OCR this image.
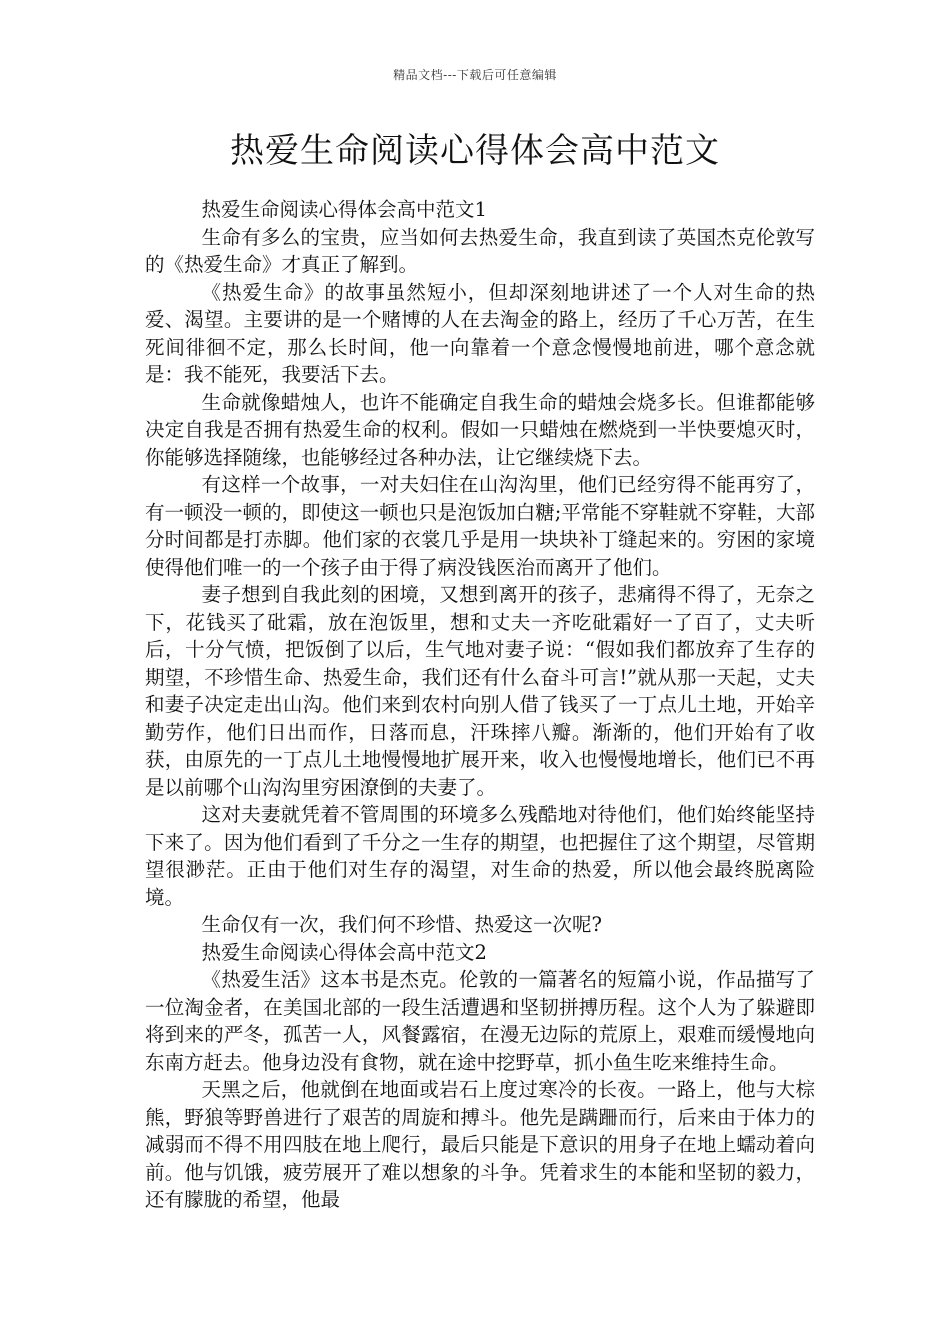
精品文档---下载后可任意编辑
热爱生命阅读心得体会高中范文

热爱生命阅读心得体会高中范文1

生命有多么的宝贵，应当如何去热爱生命，我直到读了英国杰克伦敦写的《热爱生命》才真正了解到。

《热爱生命》的故事虽然短小，但却深刻地讲述了一个人对生命的热爱、渴望。主要讲的是一个赌博的人在去淘金的路上，经历了千心万苦，在生死间徘徊不定，那么长时间，他一向靠着一个意念慢慢地前进，哪个意念就是：我不能死，我要活下去。

生命就像蜡烛人，也许不能确定自我生命的蜡烛会烧多长。但谁都能够决定自我是否拥有热爱生命的权利。假如一只蜡烛在燃烧到一半快要熄灭时，你能够选择随缘，也能够经过各种办法，让它继续烧下去。

有这样一个故事，一对夫妇住在山沟沟里，他们已经穷得不能再穷了，有一顿没一顿的，即使这一顿也只是泡饭加白糖;平常能不穿鞋就不穿鞋，大部分时间都是打赤脚。他们家的衣裳几乎是用一块块补丁缝起来的。穷困的家境使得他们唯一的一个孩子由于得了病没钱医治而离开了他们。

妻子想到自我此刻的困境，又想到离开的孩子，悲痛得不得了，无奈之下，花钱买了砒霜，放在泡饭里，想和丈夫一齐吃砒霜好一了百了，丈夫听后，十分气愤，把饭倒了以后，生气地对妻子说：“假如我们都放弃了生存的期望，不珍惜生命、热爱生命，我们还有什么奋斗可言!”就从那一天起，丈夫和妻子决定走出山沟。他们来到农村向别人借了钱买了一丁点儿土地，开始辛勤劳作，他们日出而作，日落而息，汗珠摔八瓣。渐渐的，他们开始有了收获，由原先的一丁点儿土地慢慢地扩展开来，收入也慢慢地增长，他们已不再是以前哪个山沟沟里穷困潦倒的夫妻了。

这对夫妻就凭着不管周围的环境多么残酷地对待他们，他们始终能坚持下来了。因为他们看到了千分之一生存的期望，也把握住了这个期望，尽管期望很渺茫。正由于他们对生存的渴望，对生命的热爱，所以他会最终脱离险境。

生命仅有一次，我们何不珍惜、热爱这一次呢?

热爱生命阅读心得体会高中范文2

《热爱生活》这本书是杰克。伦敦的一篇著名的短篇小说，作品描写了一位淘金者，在美国北部的一段生活遭遇和坚韧拼搏历程。这个人为了躲避即将到来的严冬，孤苦一人，风餐露宿，在漫无边际的荒原上，艰难而缓慢地向东南方赶去。他身边没有食物，就在途中挖野草，抓小鱼生吃来维持生命。

天黑之后，他就倒在地面或岩石上度过寒冷的长夜。一路上，他与大棕熊，野狼等野兽进行了艰苦的周旋和搏斗。他先是蹒跚而行，后来由于体力的减弱而不得不用四肢在地上爬行，最后只能是下意识的用身子在地上蠕动着向前。他与饥饿，疲劳展开了难以想象的斗争。凭着求生的本能和坚韧的毅力，还有朦胧的希望，他最
